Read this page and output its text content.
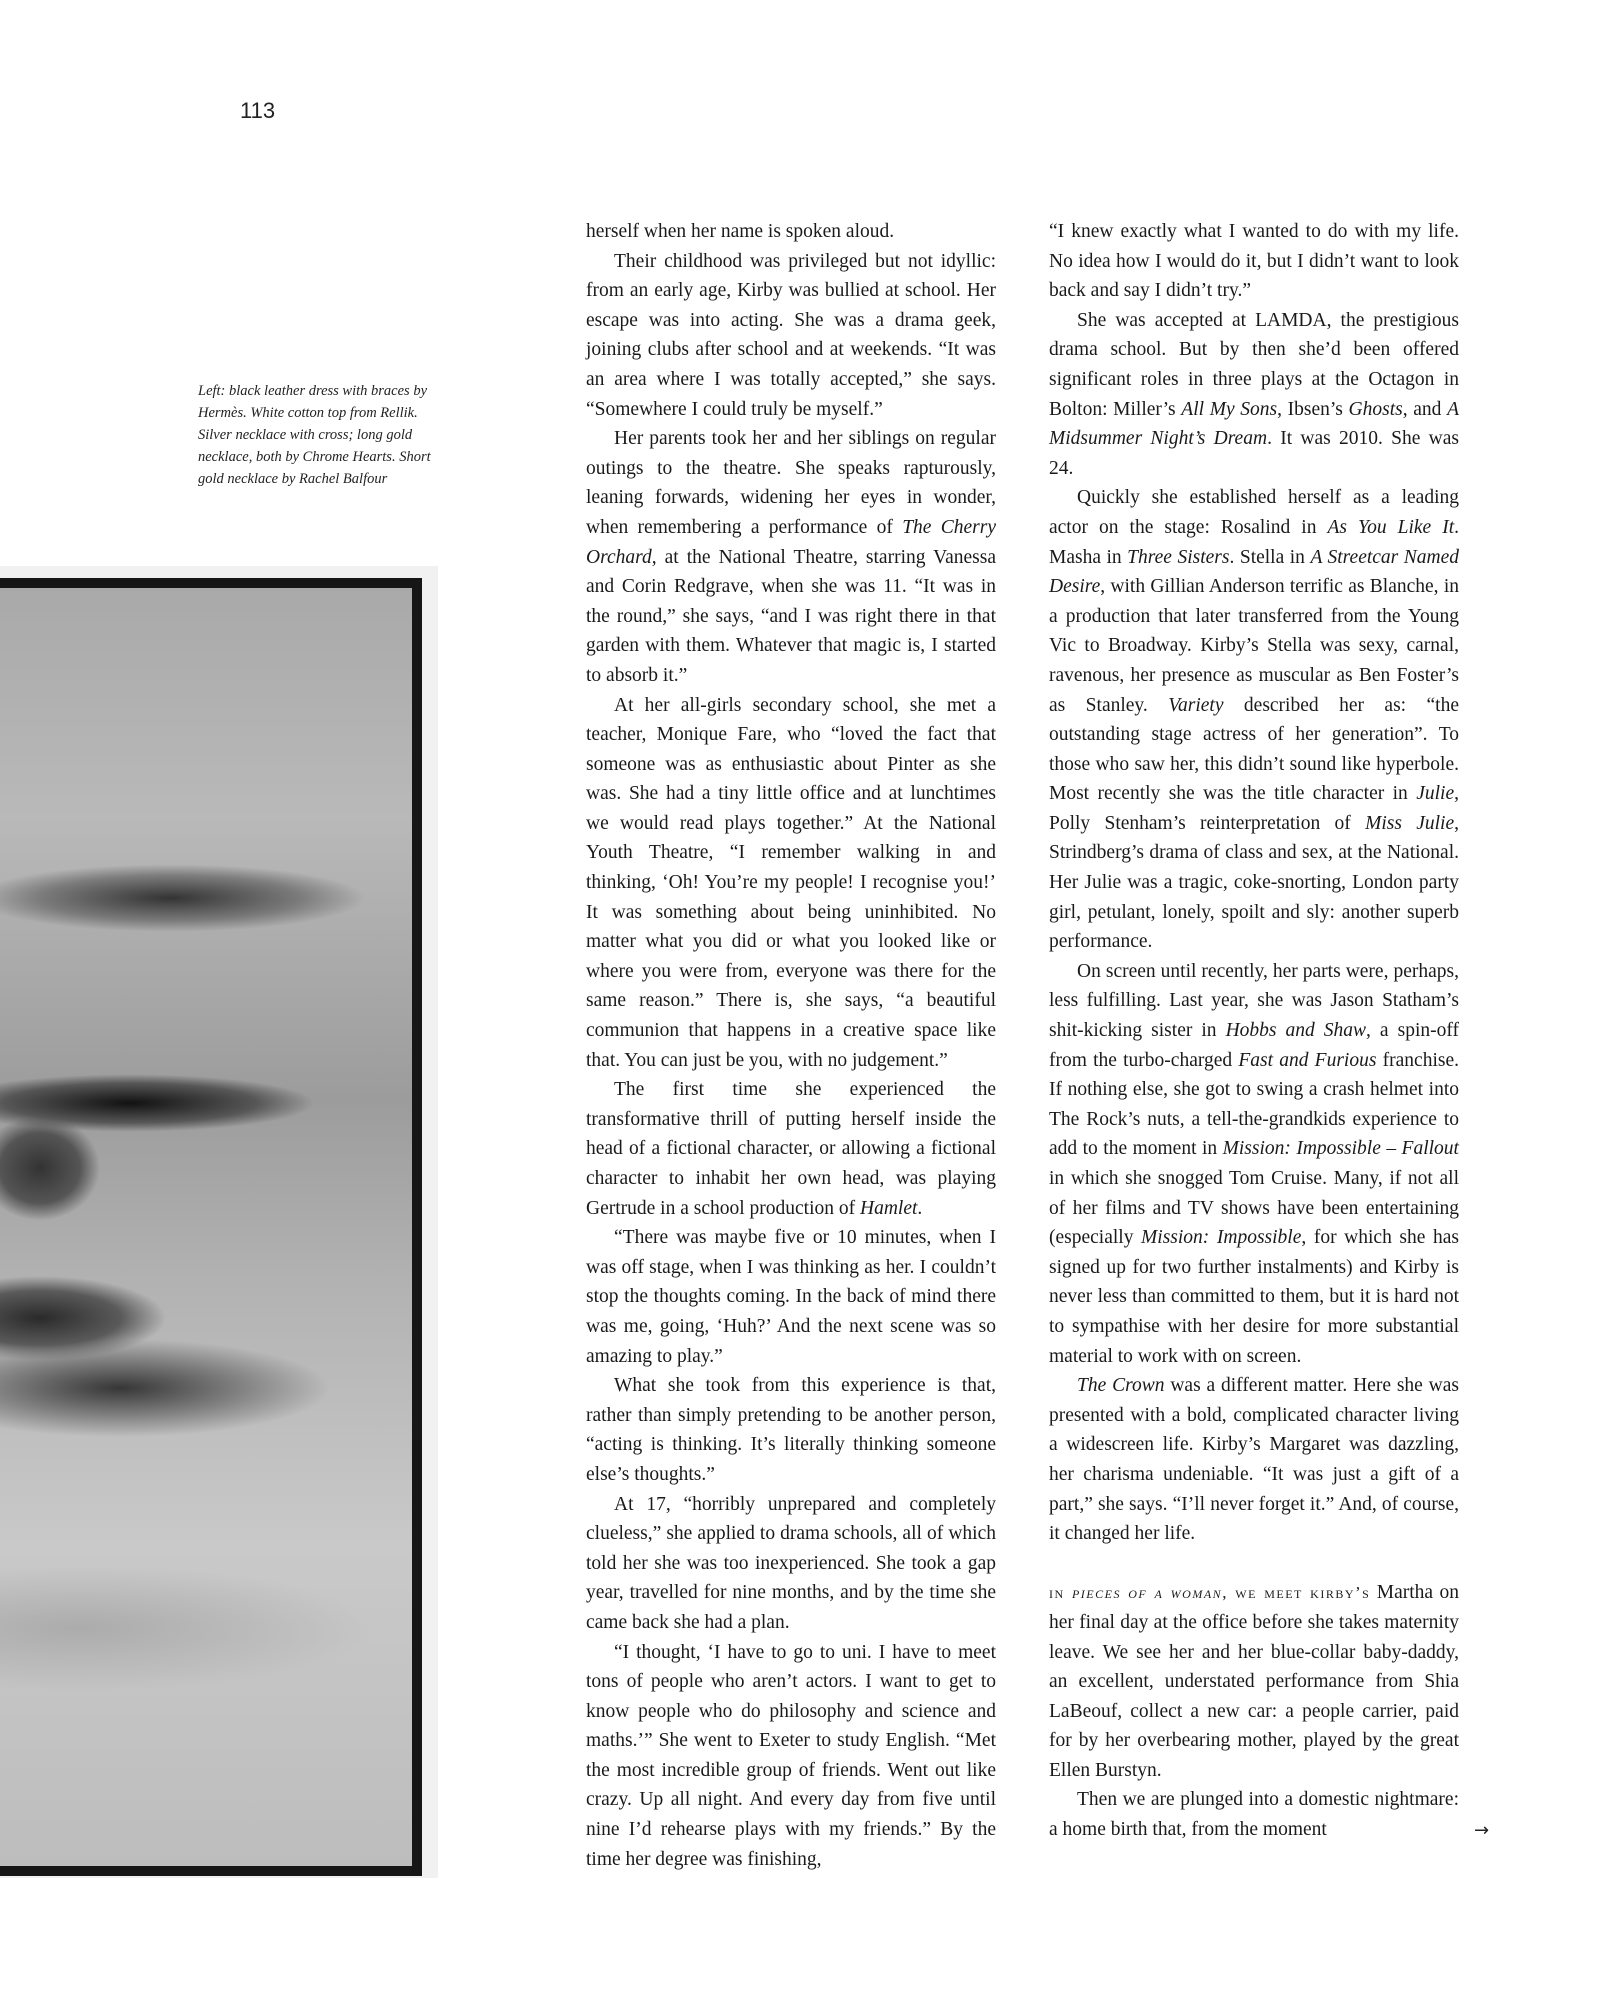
113
Left: black leather dress with braces by Hermès. White cotton top from Rellik. Silver necklace with cross; long gold necklace, both by Chrome Hearts. Short gold necklace by Rachel Balfour

herself when her name is spoken aloud.

Their childhood was privileged but not idyllic: from an early age, Kirby was bullied at school. Her escape was into acting. She was a drama geek, joining clubs after school and at weekends. “It was an area where I was totally accepted,” she says. “Somewhere I could truly be myself.”

Her parents took her and her siblings on regular outings to the theatre. She speaks rapturously, leaning forwards, widening her eyes in wonder, when remembering a performance of The Cherry Orchard, at the National Theatre, starring Vanessa and Corin Redgrave, when she was 11. “It was in the round,” she says, “and I was right there in that garden with them. Whatever that magic is, I started to absorb it.”

At her all-girls secondary school, she met a teacher, Monique Fare, who “loved the fact that someone was as enthusiastic about Pinter as she was. She had a tiny little office and at lunchtimes we would read plays together.” At the National Youth Theatre, “I remember walking in and thinking, ‘Oh! You’re my people! I recognise you!’ It was something about being uninhibited. No matter what you did or what you looked like or where you were from, everyone was there for the same reason.” There is, she says, “a beautiful communion that happens in a creative space like that. You can just be you, with no judgement.”

The first time she experienced the transformative thrill of putting herself inside the head of a fictional character, or allowing a fictional character to inhabit her own head, was playing Gertrude in a school production of Hamlet.

“There was maybe five or 10 minutes, when I was off stage, when I was thinking as her. I couldn’t stop the thoughts coming. In the back of mind there was me, going, ‘Huh?’ And the next scene was so amazing to play.”

What she took from this experience is that, rather than simply pretending to be another person, “acting is thinking. It’s literally thinking someone else’s thoughts.”

At 17, “horribly unprepared and completely clueless,” she applied to drama schools, all of which told her she was too inexperienced. She took a gap year, travelled for nine months, and by the time she came back she had a plan.

“I thought, ‘I have to go to uni. I have to meet tons of people who aren’t actors. I want to get to know people who do philosophy and science and maths.’” She went to Exeter to study English. “Met the most incredible group of friends. Went out like crazy. Up all night. And every day from five until nine I’d rehearse plays with my friends.” By the time her degree was finishing,

“I knew exactly what I wanted to do with my life. No idea how I would do it, but I didn’t want to look back and say I didn’t try.”

She was accepted at LAMDA, the prestigious drama school. But by then she’d been offered significant roles in three plays at the Octagon in Bolton: Miller’s All My Sons, Ibsen’s Ghosts, and A Midsummer Night’s Dream. It was 2010. She was 24.

Quickly she established herself as a leading actor on the stage: Rosalind in As You Like It. Masha in Three Sisters. Stella in A Streetcar Named Desire, with Gillian Anderson terrific as Blanche, in a production that later transferred from the Young Vic to Broadway. Kirby’s Stella was sexy, carnal, ravenous, her presence as muscular as Ben Foster’s as Stanley. Variety described her as: “the outstanding stage actress of her generation”. To those who saw her, this didn’t sound like hyperbole. Most recently she was the title character in Julie, Polly Stenham’s reinterpretation of Miss Julie, Strindberg’s drama of class and sex, at the National. Her Julie was a tragic, coke-snorting, London party girl, petulant, lonely, spoilt and sly: another superb performance.

On screen until recently, her parts were, perhaps, less fulfilling. Last year, she was Jason Statham’s shit-kicking sister in Hobbs and Shaw, a spin-off from the turbo-charged Fast and Furious franchise. If nothing else, she got to swing a crash helmet into The Rock’s nuts, a tell-the-grandkids experience to add to the moment in Mission: Impossible – Fallout in which she snogged Tom Cruise. Many, if not all of her films and TV shows have been entertaining (especially Mission: Impossible, for which she has signed up for two further instalments) and Kirby is never less than committed to them, but it is hard not to sympathise with her desire for more substantial material to work with on screen.

The Crown was a different matter. Here she was presented with a bold, complicated character living a widescreen life. Kirby’s Margaret was dazzling, her charisma undeniable. “It was just a gift of a part,” she says. “I’ll never forget it.” And, of course, it changed her life.

in pieces of a woman, we meet kirby’s Martha on her final day at the office before she takes maternity leave. We see her and her blue-collar baby-daddy, an excellent, understated performance from Shia LaBeouf, collect a new car: a people carrier, paid for by her overbearing mother, played by the great Ellen Burstyn.

Then we are plunged into a domestic nightmare: a home birth that, from the moment	→
